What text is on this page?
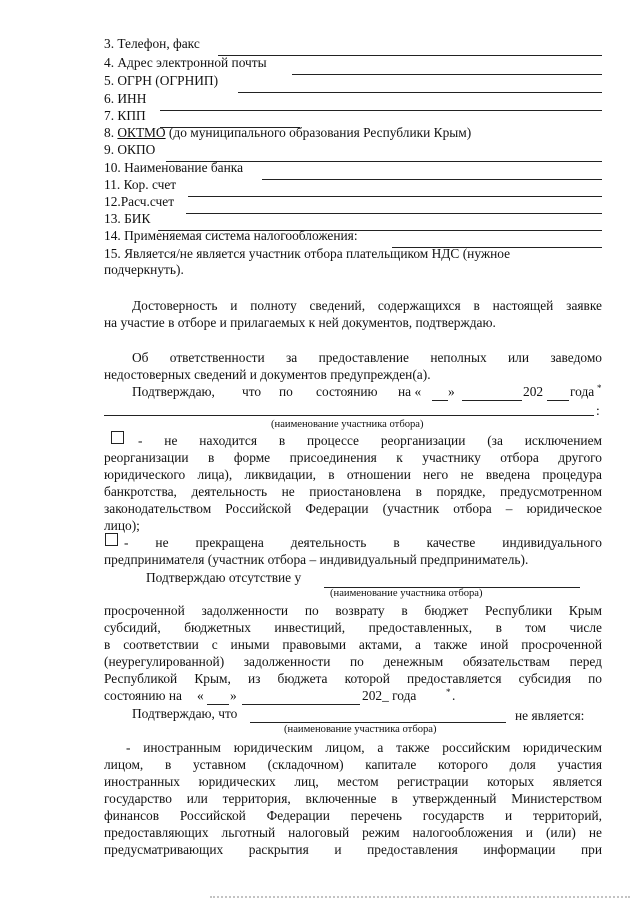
3. Телефон, факс
4. Адрес электронной почты
5. ОГРН (ОГРНИП)
6. ИНН
7. КПП
8. ОКТМО (до муниципального образования Республики Крым)
9. ОКПО
10. Наименование банка
11. Кор. счет
12.Расч.счет
13. БИК
14. Применяемая система налогообложения:
15. Является/не является участник отбора плательщиком НДС (нужное
подчеркнуть).
Достоверность и полноту сведений, содержащихся в настоящей заявке
на участие в отборе и прилагаемых к ней документов, подтверждаю.
Об ответственности за предоставление неполных или заведомо
недостоверных сведений и документов предупрежден(а).
Подтверждаю, что по состоянию на « »	202 года *
:
(наименование участника отбора)
- не находится в процессе реорганизации (за исключением
реорганизации в форме присоединения к участнику отбора другого
юридического лица), ликвидации, в отношении него не введена процедура
банкротства, деятельность не приостановлена в порядке, предусмотренном
законодательством Российской Федерации (участник отбора – юридическое
лицо);
- не прекращена деятельность в качестве индивидуального
предпринимателя (участник отбора – индивидуальный предприниматель).
Подтверждаю отсутствие у
(наименование участника отбора)
просроченной задолженности по возврату в бюджет Республики Крым
субсидий, бюджетных инвестиций, предоставленных, в том числе
в соответствии с иными правовыми актами, а также иной просроченной
(неурегулированной) задолженности по денежным обязательствам перед
Республикой Крым, из бюджета которой предоставляется субсидия по
состоянию на « »	202_ года	* .
Подтверждаю, что	не является:
(наименование участника отбора)
- иностранным юридическим лицом, а также российским юридическим
лицом, в уставном (складочном) капитале которого доля участия
иностранных юридических лиц, местом регистрации которых является
государство или территория, включенные в утвержденный Министерством
финансов Российской Федерации перечень государств и территорий,
предоставляющих льготный налоговый режим налогообложения и (или) не
предусматривающих раскрытия и предоставления информации при
